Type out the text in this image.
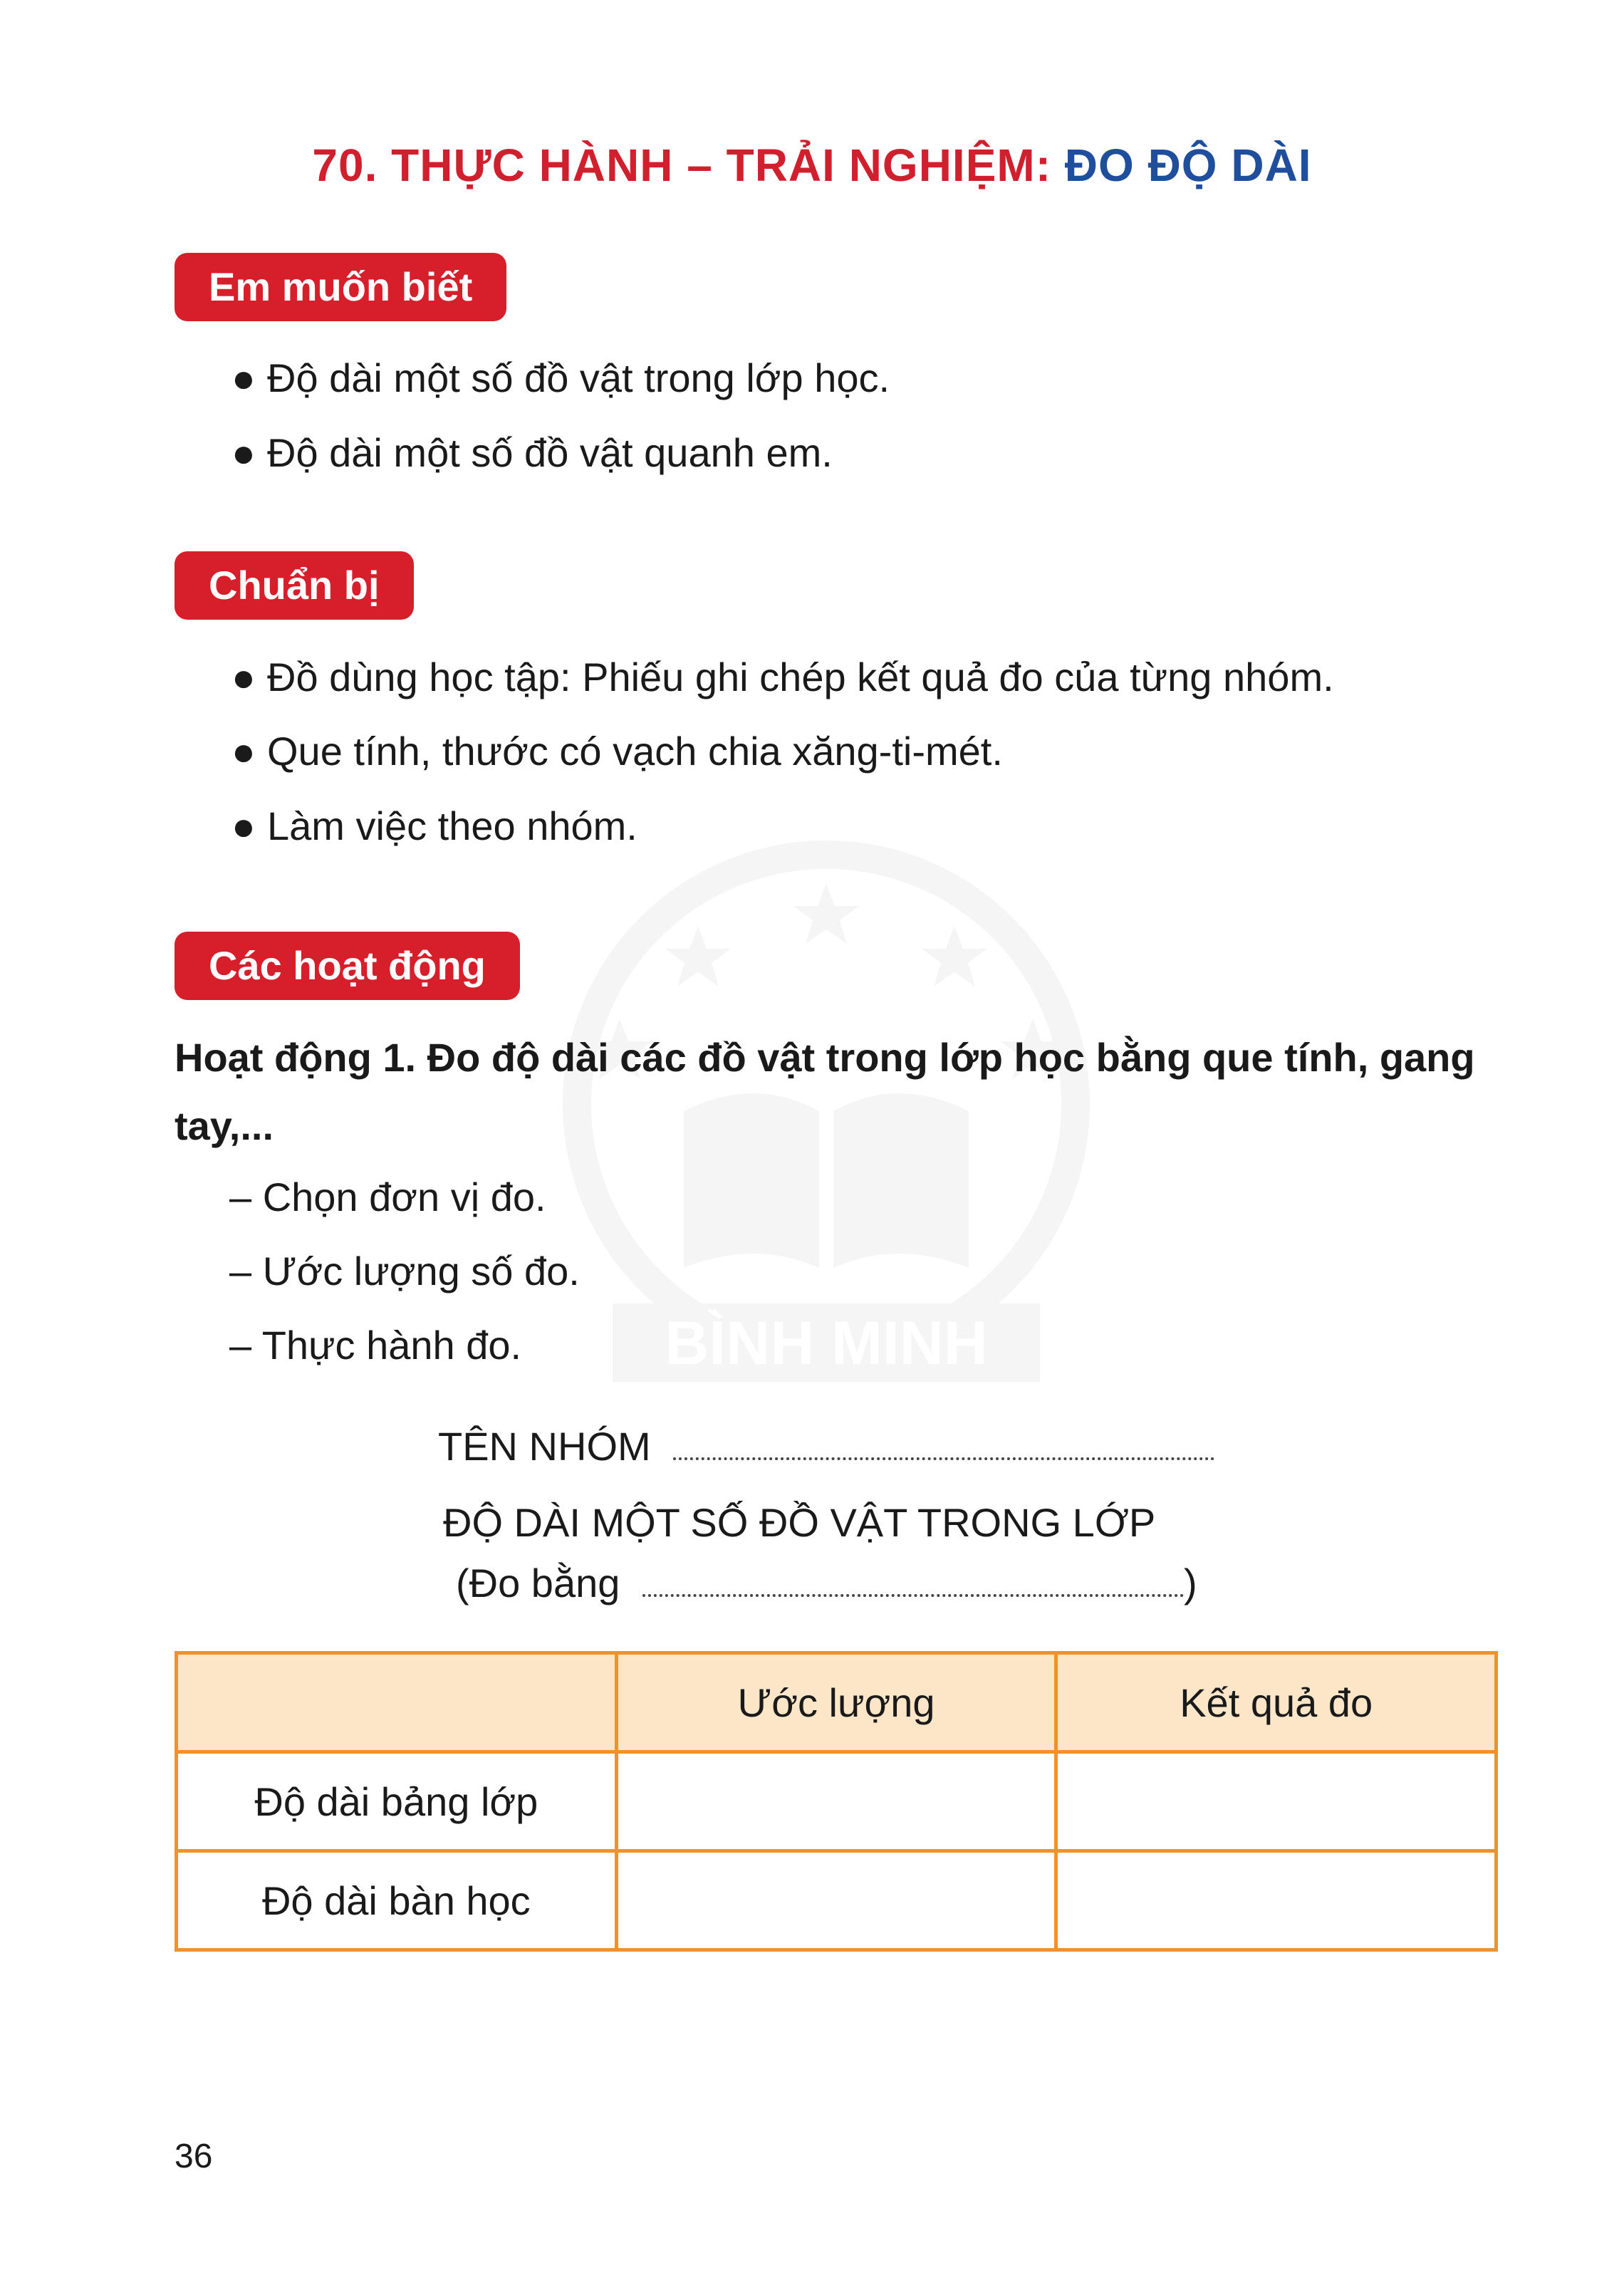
BÌNH MINH
70. THỰC HÀNH – TRẢI NGHIỆM: ĐO ĐỘ DÀI
Em muốn biết
● Độ dài một số đồ vật trong lớp học.
● Độ dài một số đồ vật quanh em.
Chuẩn bị
● Đồ dùng học tập: Phiếu ghi chép kết quả đo của từng nhóm.
● Que tính, thước có vạch chia xăng-ti-mét.
● Làm việc theo nhóm.
Các hoạt động
Hoạt động 1. Đo độ dài các đồ vật trong lớp học bằng que tính, gang tay,...
– Chọn đơn vị đo.
– Ước lượng số đo.
– Thực hành đo.
TÊN NHÓM
ĐỘ DÀI MỘT SỐ ĐỒ VẬT TRONG LỚP
(Đo bằng	)
	Ước lượng	Kết quả đo
Độ dài bảng lớp		
Độ dài bàn học		
36
